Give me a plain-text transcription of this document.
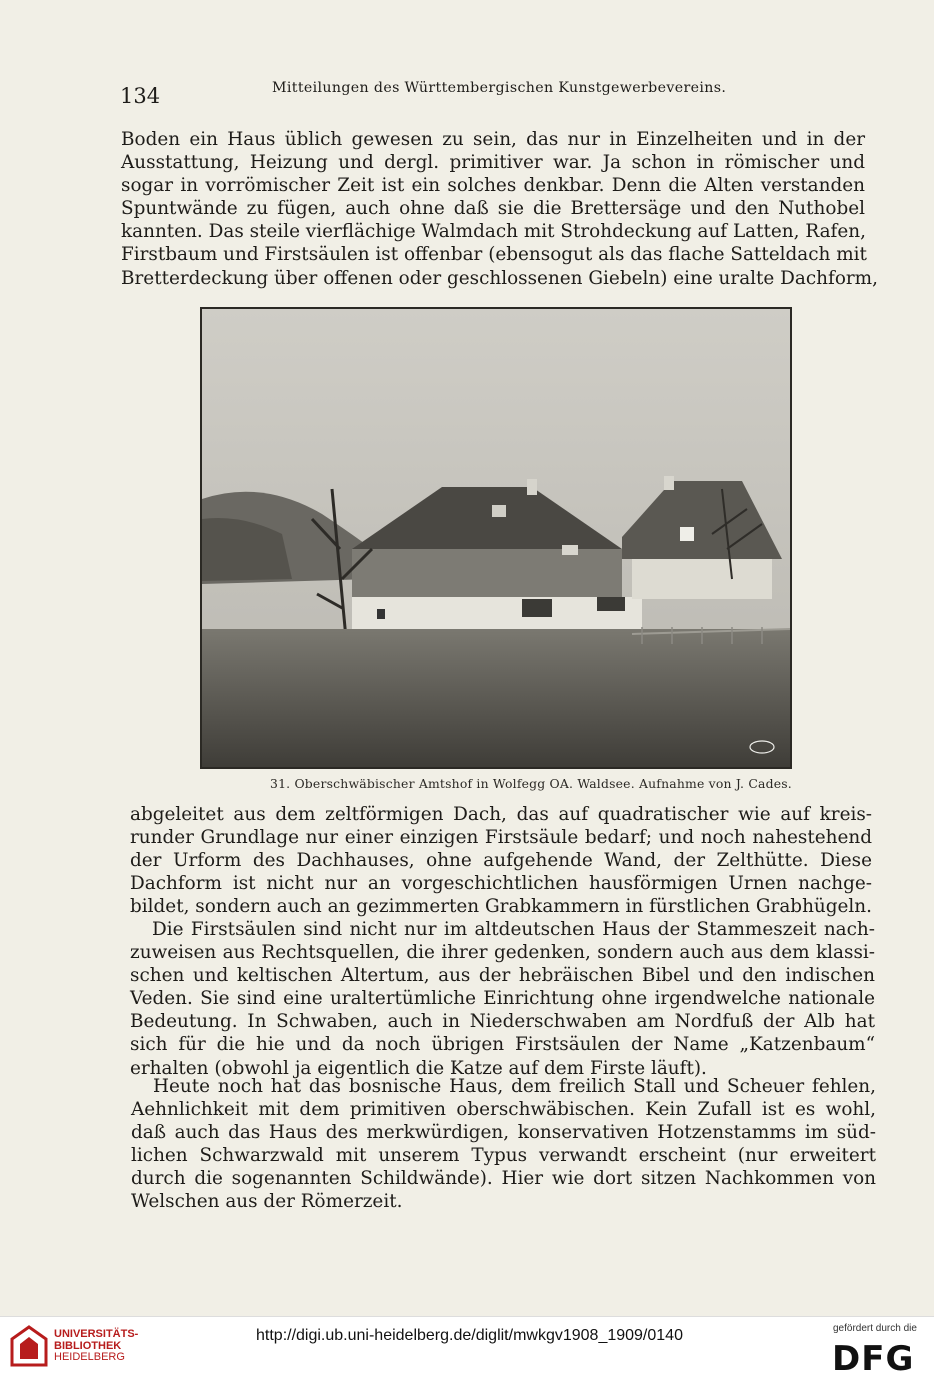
134	Mitteilungen des Württembergischen Kunstgewerbevereins.
Boden ein Haus üblich gewesen zu sein, das nur in Einzelheiten und in der
Ausstattung, Heizung und dergl. primitiver war. Ja schon in römischer und
sogar in vorrömischer Zeit ist ein solches denkbar. Denn die Alten verstanden
Spuntwände zu fügen, auch ohne daß sie die Brettersäge und den Nuthobel
kannten. Das steile vierflächige Walmdach mit Strohdeckung auf Latten, Rafen,
Firstbaum und Firstsäulen ist offenbar (ebensogut als das flache Satteldach mit
Bretterdeckung über offenen oder geschlossenen Giebeln) eine uralte Dachform,
31. Oberschwäbischer Amtshof in Wolfegg OA. Waldsee. Aufnahme von J. Cades.
abgeleitet aus dem zeltförmigen Dach, das auf quadratischer wie auf kreis-
runder Grundlage nur einer einzigen Firstsäule bedarf; und noch nahestehend
der Urform des Dachhauses, ohne aufgehende Wand, der Zelthütte. Diese
Dachform ist nicht nur an vorgeschichtlichen hausförmigen Urnen nachge-
bildet, sondern auch an gezimmerten Grabkammern in fürstlichen Grabhügeln.
Die Firstsäulen sind nicht nur im altdeutschen Haus der Stammeszeit nach-
zuweisen aus Rechtsquellen, die ihrer gedenken, sondern auch aus dem klassi-
schen und keltischen Altertum, aus der hebräischen Bibel und den indischen
Veden. Sie sind eine uraltertümliche Einrichtung ohne irgendwelche nationale
Bedeutung. In Schwaben, auch in Niederschwaben am Nordfuß der Alb hat
sich für die hie und da noch übrigen Firstsäulen der Name „Katzenbaum“
erhalten (obwohl ja eigentlich die Katze auf dem Firste läuft).
Heute noch hat das bosnische Haus, dem freilich Stall und Scheuer fehlen,
Aehnlichkeit mit dem primitiven oberschwäbischen. Kein Zufall ist es wohl,
daß auch das Haus des merkwürdigen, konservativen Hotzenstamms im süd-
lichen Schwarzwald mit unserem Typus verwandt erscheint (nur erweitert
durch die sogenannten Schildwände). Hier wie dort sitzen Nachkommen von
Welschen aus der Römerzeit.
UNIVERSITÄTS-
BIBLIOTHEK
HEIDELBERG
http://digi.ub.uni-heidelberg.de/diglit/mwkgv1908_1909/0140	gefördert durch die
DFG
